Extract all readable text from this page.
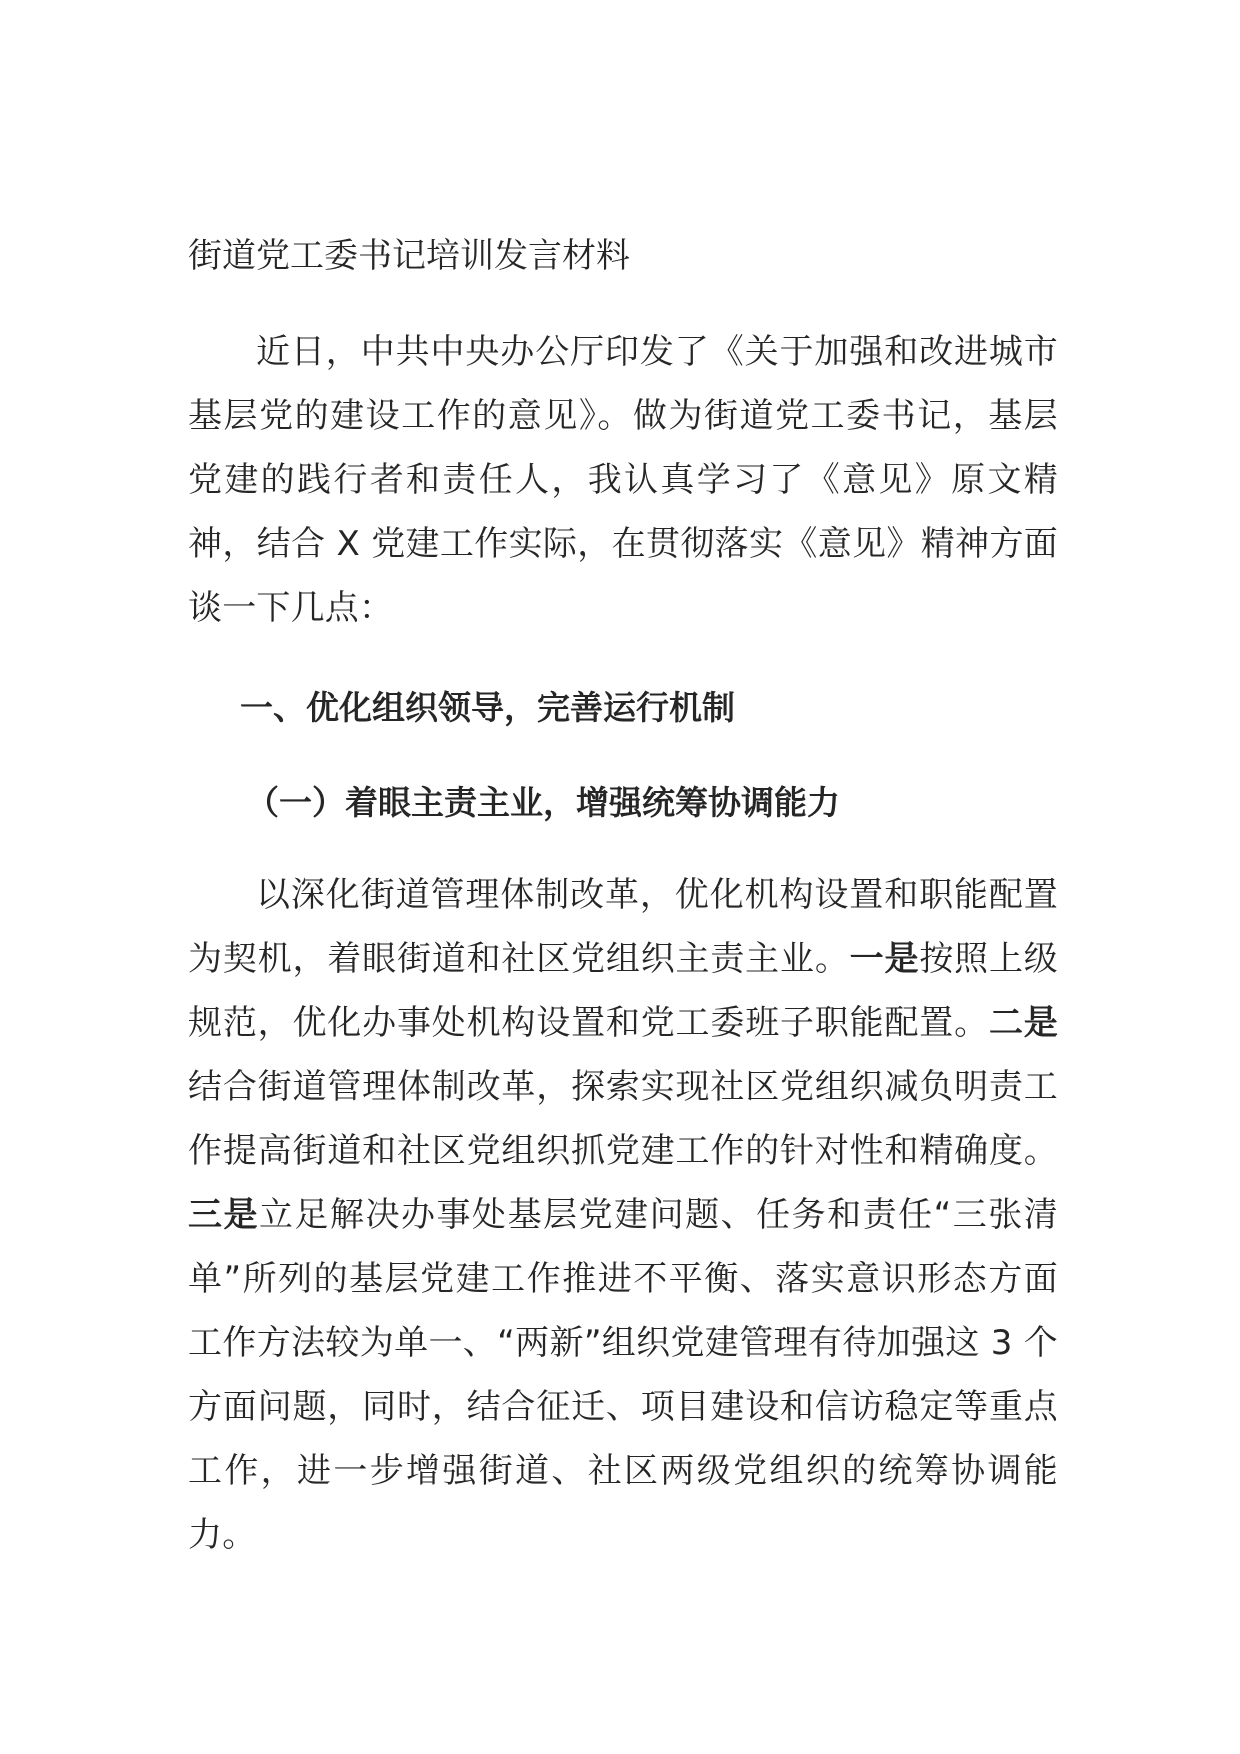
街道党工委书记培训发言材料

近日，中共中央办公厅印发了《关于加强和改进城市基层党的建设工作的意见》。做为街道党工委书记，基层党建的践行者和责任人，我认真学习了《意见》原文精神，结合 X 党建工作实际，在贯彻落实《意见》精神方面谈一下几点：

一、优化组织领导，完善运行机制
（一）着眼主责主业，增强统筹协调能力

以深化街道管理体制改革，优化机构设置和职能配置为契机，着眼街道和社区党组织主责主业。一是按照上级规范，优化办事处机构设置和党工委班子职能配置。二是结合街道管理体制改革，探索实现社区党组织减负明责工作提高街道和社区党组织抓党建工作的针对性和精确度。三是立足解决办事处基层党建问题、任务和责任“三张清单”所列的基层党建工作推进不平衡、落实意识形态方面工作方法较为单一、“两新”组织党建管理有待加强这 3 个方面问题，同时，结合征迁、项目建设和信访稳定等重点工作，进一步增强街道、社区两级党组织的统筹协调能力。
